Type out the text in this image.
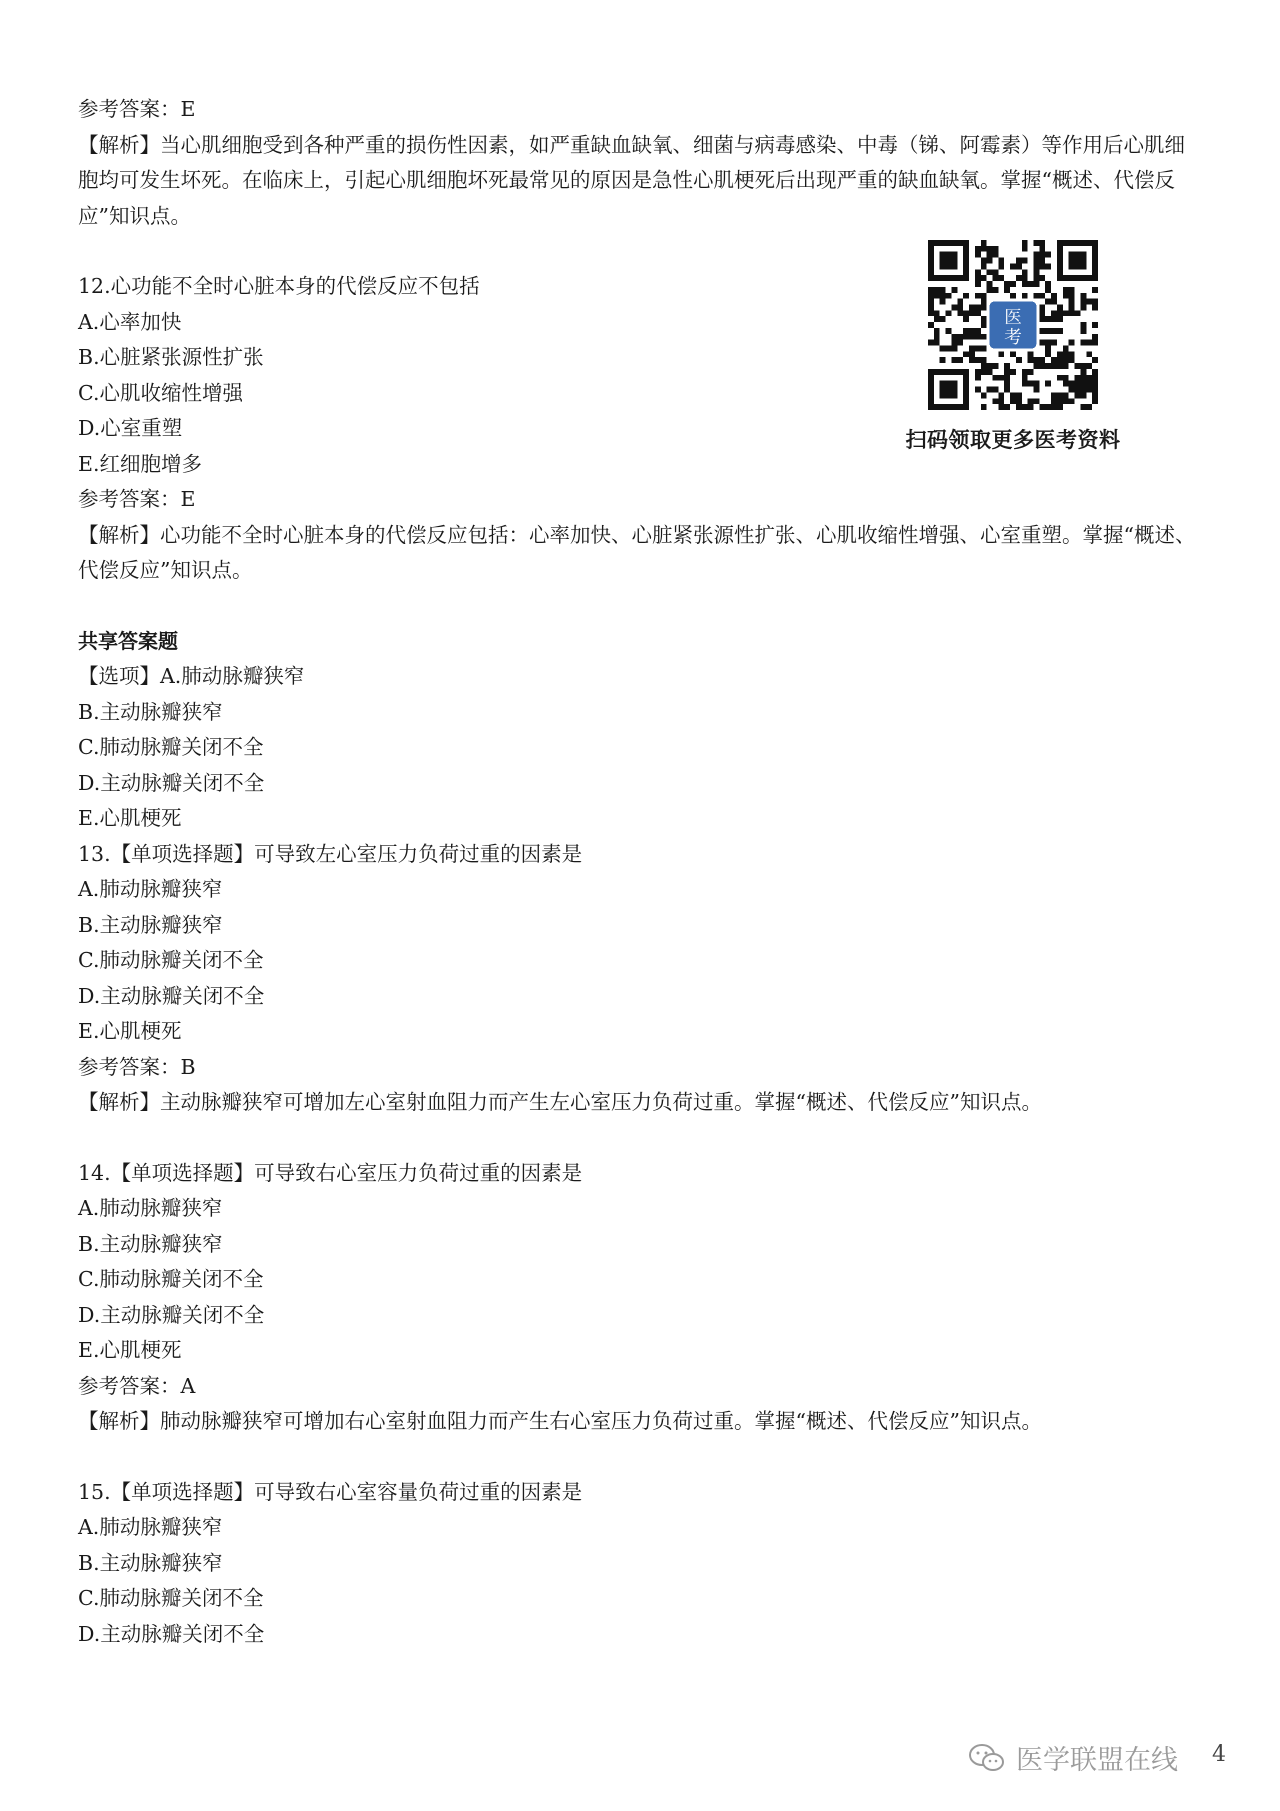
参考答案：E
【解析】当心肌细胞受到各种严重的损伤性因素，如严重缺血缺氧、细菌与病毒感染、中毒（锑、阿霉素）等作用后心肌细胞均可发生坏死。在临床上，引起心肌细胞坏死最常见的原因是急性心肌梗死后出现严重的缺血缺氧。掌握“概述、代偿反应”知识点。
12.心功能不全时心脏本身的代偿反应不包括
A.心率加快
B.心脏紧张源性扩张
C.心肌收缩性增强
D.心室重塑
E.红细胞增多
参考答案：E
【解析】心功能不全时心脏本身的代偿反应包括：心率加快、心脏紧张源性扩张、心肌收缩性增强、心室重塑。掌握“概述、代偿反应”知识点。
共享答案题
【选项】A.肺动脉瓣狭窄
B.主动脉瓣狭窄
C.肺动脉瓣关闭不全
D.主动脉瓣关闭不全
E.心肌梗死
13.【单项选择题】可导致左心室压力负荷过重的因素是
A.肺动脉瓣狭窄
B.主动脉瓣狭窄
C.肺动脉瓣关闭不全
D.主动脉瓣关闭不全
E.心肌梗死
参考答案：B
【解析】主动脉瓣狭窄可增加左心室射血阻力而产生左心室压力负荷过重。掌握“概述、代偿反应”知识点。
14.【单项选择题】可导致右心室压力负荷过重的因素是
A.肺动脉瓣狭窄
B.主动脉瓣狭窄
C.肺动脉瓣关闭不全
D.主动脉瓣关闭不全
E.心肌梗死
参考答案：A
【解析】肺动脉瓣狭窄可增加右心室射血阻力而产生右心室压力负荷过重。掌握“概述、代偿反应”知识点。
15.【单项选择题】可导致右心室容量负荷过重的因素是
A.肺动脉瓣狭窄
B.主动脉瓣狭窄
C.肺动脉瓣关闭不全
D.主动脉瓣关闭不全
医
考
扫码领取更多医考资料
医学联盟在线 4
